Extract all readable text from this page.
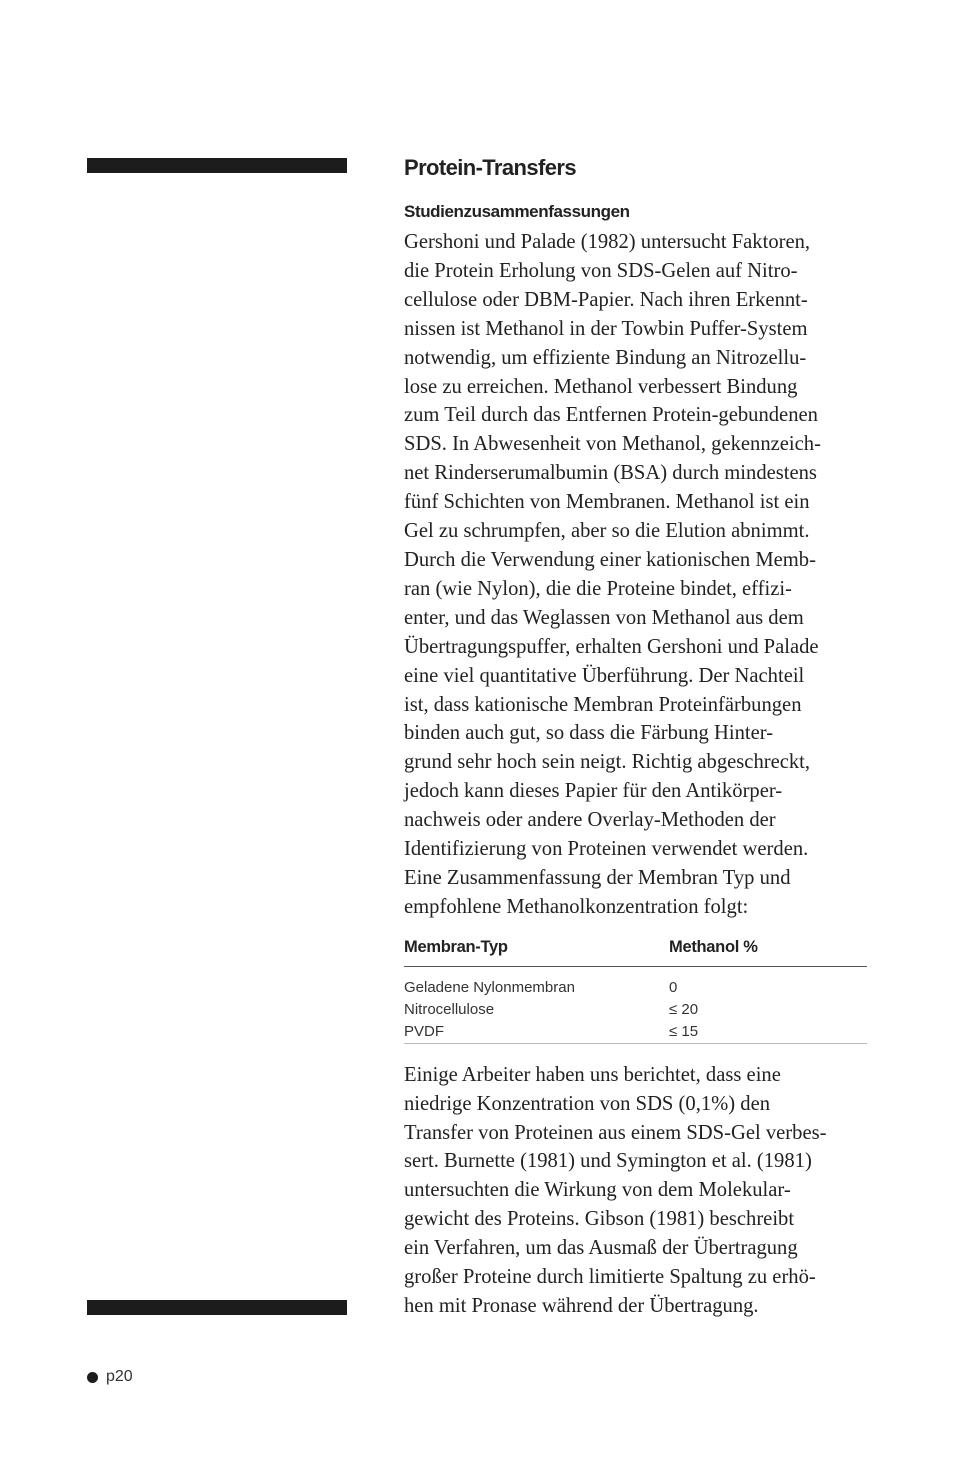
Protein-Transfers
Studienzusammenfassungen

Gershoni und Palade (1982) untersucht Faktoren,
die Protein Erholung von SDS-Gelen auf Nitro-
cellulose oder DBM-Papier. Nach ihren Erkennt-
nissen ist Methanol in der Towbin Puffer-System
notwendig, um effiziente Bindung an Nitrozellu-
lose zu erreichen. Methanol verbessert Bindung
zum Teil durch das Entfernen Protein-gebundenen
SDS. In Abwesenheit von Methanol, gekennzeich-
net Rinderserumalbumin (BSA) durch mindestens
fünf Schichten von Membranen. Methanol ist ein
Gel zu schrumpfen, aber so die Elution abnimmt.
Durch die Verwendung einer kationischen Memb-
ran (wie Nylon), die die Proteine bindet, effizi-
enter, und das Weglassen von Methanol aus dem
Übertragungspuffer, erhalten Gershoni und Palade
eine viel quantitative Überführung. Der Nachteil
ist, dass kationische Membran Proteinfärbungen
binden auch gut, so dass die Färbung Hinter-
grund sehr hoch sein neigt. Richtig abgeschreckt,
jedoch kann dieses Papier für den Antikörper-
nachweis oder andere Overlay-Methoden der
Identifizierung von Proteinen verwendet werden.
Eine Zusammenfassung der Membran Typ und
empfohlene Methanolkonzentration folgt:

Membran-Typ	Methanol %
Geladene Nylonmembran	0
Nitrocellulose	≤ 20
PVDF	≤ 15

Einige Arbeiter haben uns berichtet, dass eine
niedrige Konzentration von SDS (0,1%) den
Transfer von Proteinen aus einem SDS-Gel verbes-
sert. Burnette (1981) und Symington et al. (1981)
untersuchten die Wirkung von dem Molekular-
gewicht des Proteins. Gibson (1981) beschreibt
ein Verfahren, um das Ausmaß der Übertragung
großer Proteine durch limitierte Spaltung zu erhö-
hen mit Pronase während der Übertragung.

p20
